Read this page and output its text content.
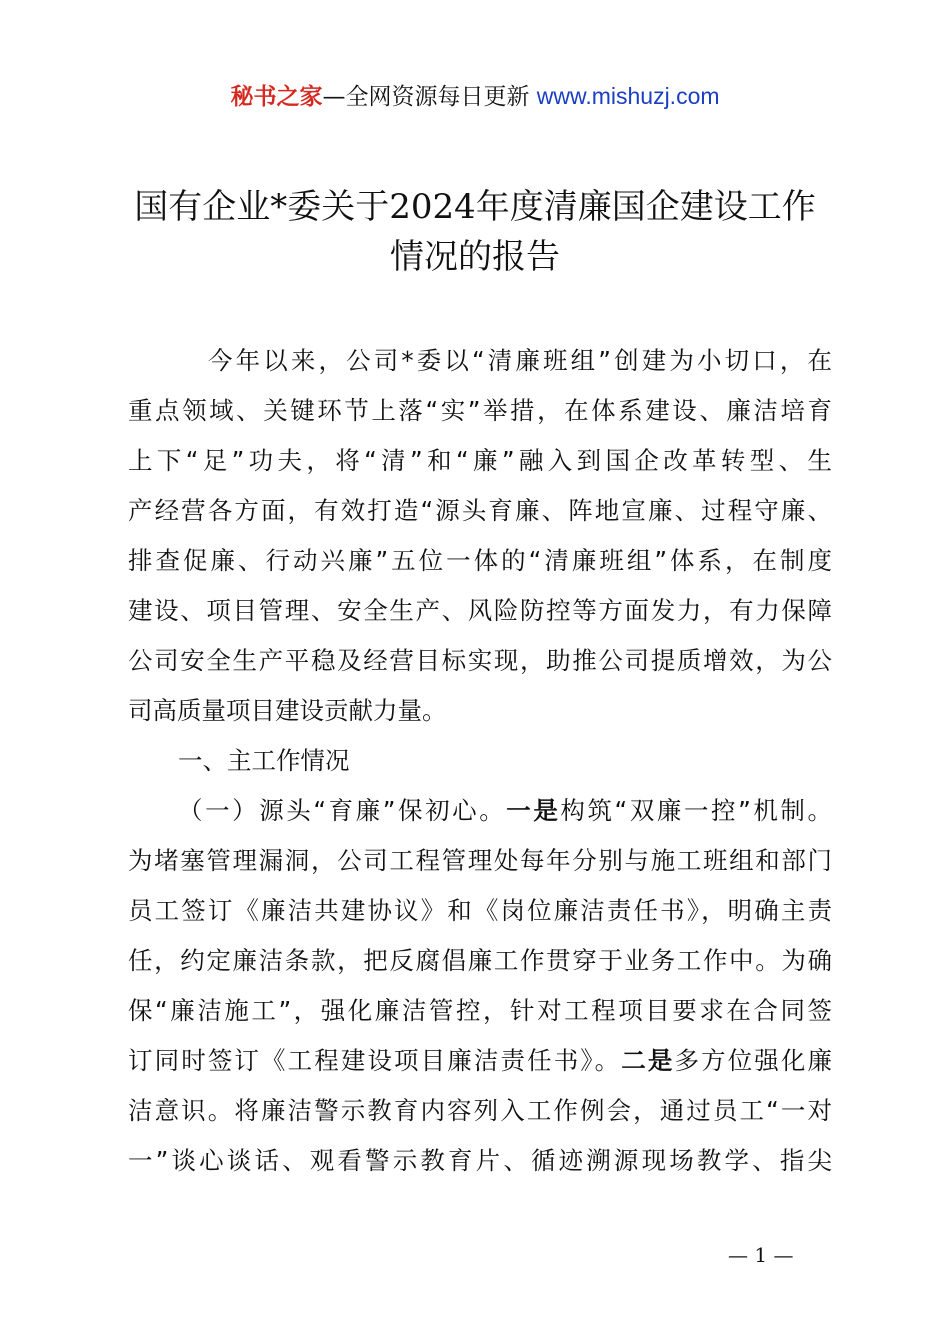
秘书之家—全网资源每日更新 www.mishuzj.com
国有企业*委关于2024年度清廉国企建设工作
情况的报告
今年以来，公司*委以“清廉班组”创建为小切口，在
重点领域、关键环节上落“实”举措，在体系建设、廉洁培育
上下“足”功夫，将“清”和“廉”融入到国企改革转型、生
产经营各方面，有效打造“源头育廉、阵地宣廉、过程守廉、
排查促廉、行动兴廉”五位一体的“清廉班组”体系，在制度
建设、项目管理、安全生产、风险防控等方面发力，有力保障
公司安全生产平稳及经营目标实现，助推公司提质增效，为公
司高质量项目建设贡献力量。
一、主工作情况
（一）源头“育廉”保初心。一是构筑“双廉一控”机制。
为堵塞管理漏洞，公司工程管理处每年分别与施工班组和部门
员工签订《廉洁共建协议》和《岗位廉洁责任书》，明确主责
任，约定廉洁条款，把反腐倡廉工作贯穿于业务工作中。为确
保“廉洁施工”，强化廉洁管控，针对工程项目要求在合同签
订同时签订《工程建设项目廉洁责任书》。二是多方位强化廉
洁意识。将廉洁警示教育内容列入工作例会，通过员工“一对
一”谈心谈话、观看警示教育片、循迹溯源现场教学、指尖
— 1 —
